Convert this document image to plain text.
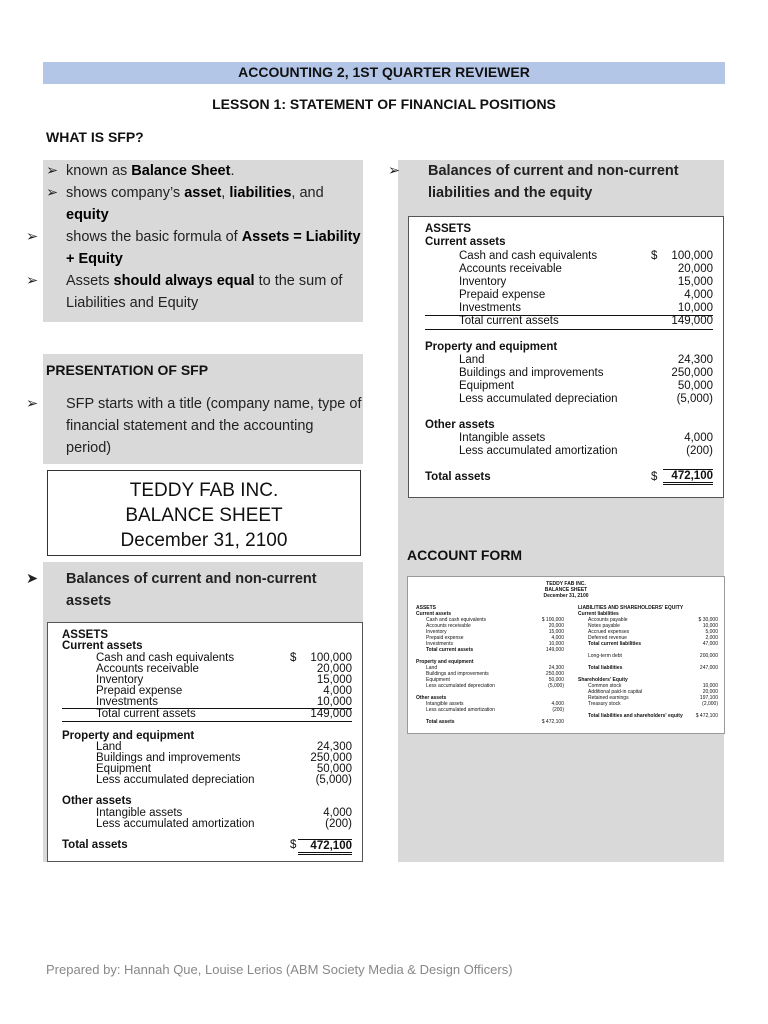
ACCOUNTING 2, 1ST QUARTER REVIEWER
LESSON 1: STATEMENT OF FINANCIAL POSITIONS
WHAT IS SFP?
➢ known as Balance Sheet.
➢ shows company’s asset, liabilities, and
equity
➢ shows the basic formula of Assets = Liability + Equity
➢ Assets should always equal to the sum of Liabilities and Equity
PRESENTATION OF SFP
➢ SFP starts with a title (company name, type of financial statement and the accounting period)
TEDDY FAB INC.
BALANCE SHEET
December 31, 2100
➤ Balances of current and non-current assets
ASSETS
Current assets
Cash and cash equivalents	$	100,000
Accounts receivable	20,000
Inventory	15,000
Prepaid expense	4,000
Investments	10,000
Total current assets	149,000
Property and equipment
Land	24,300
Buildings and improvements	250,000
Equipment	50,000
Less accumulated depreciation	(5,000)
Other assets
Intangible assets	4,000
Less accumulated amortization	(200)
Total assets	$	472,100
➢ Balances of current and non-current liabilities and the equity
ASSETS
Current assets
Cash and cash equivalents	$	100,000
Accounts receivable	20,000
Inventory	15,000
Prepaid expense	4,000
Investments	10,000
Total current assets	149,000
Property and equipment
Land	24,300
Buildings and improvements	250,000
Equipment	50,000
Less accumulated depreciation	(5,000)
Other assets
Intangible assets	4,000
Less accumulated amortization	(200)
Total assets	$	472,100
ACCOUNT FORM
TEDDY FAB INC.
BALANCE SHEET
December 31, 2100
ASSETS
Current assets
Cash and cash equivalents	$ 100,000
Accounts receivable	20,000
Inventory	15,000
Prepaid expense	4,000
Investments	10,000
Total current assets	149,000
Property and equipment
Land	24,300
Buildings and improvements	250,000
Equipment	50,000
Less accumulated depreciation	(5,000)
Other assets
Intangible assets	4,000
Less accumulated amortization	(200)
Total assets	$ 472,100
LIABILITIES AND SHAREHOLDERS' EQUITY
Current liabilities
Accounts payable	$ 30,000
Notes payable	10,000
Accrued expenses	5,000
Deferred revenue	2,000
Total current liabilities	47,000
Long-term debt	200,000
Total liabilities	247,000
Shareholders' Equity
Common stock	10,000
Additional paid-in capital	20,000
Retained earnings	197,100
Treasury stock	(2,000)
Total liabilities and shareholders' equity	$ 472,100
Prepared by: Hannah Que, Louise Lerios (ABM Society Media & Design Officers)
